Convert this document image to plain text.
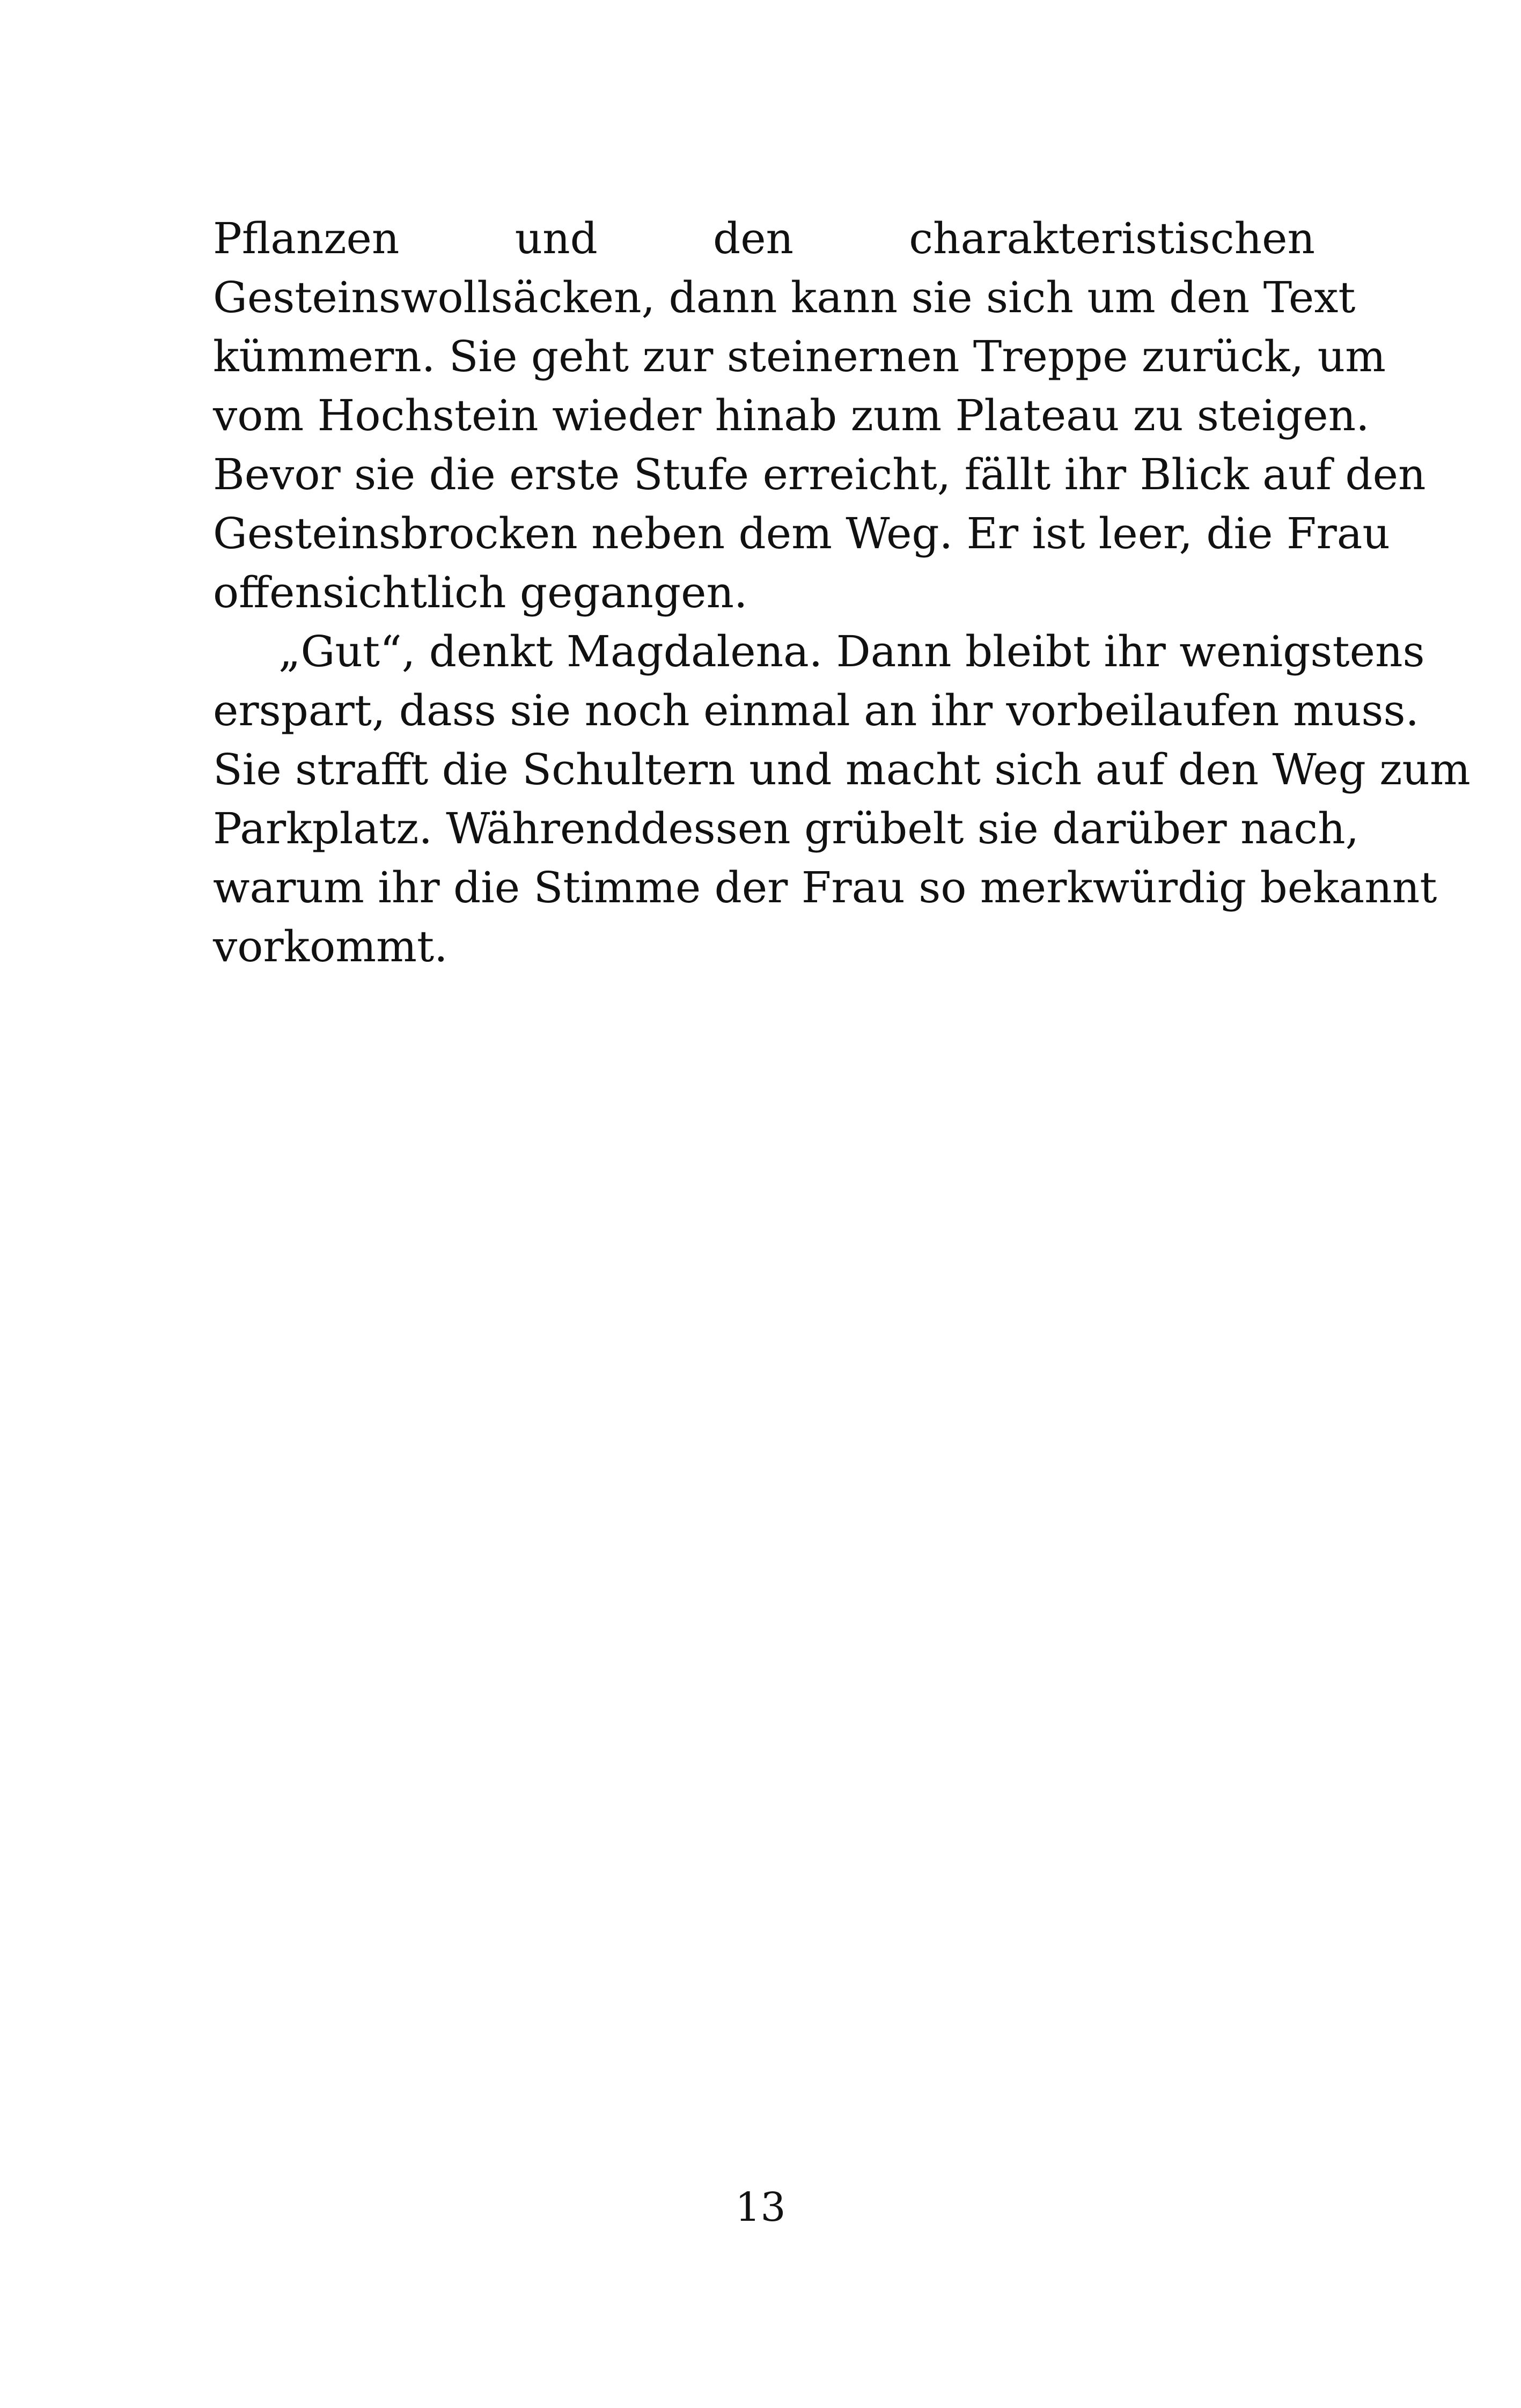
Pflanzen und den charakteristischen
Gesteinswollsäcken, dann kann sie sich um den Text
kümmern. Sie geht zur steinernen Treppe zurück, um
vom Hochstein wieder hinab zum Plateau zu steigen.
Bevor sie die erste Stufe erreicht, fällt ihr Blick auf den
Gesteinsbrocken neben dem Weg. Er ist leer, die Frau
offensichtlich gegangen.
„Gut“, denkt Magdalena. Dann bleibt ihr wenigstens
erspart, dass sie noch einmal an ihr vorbeilaufen muss.
Sie strafft die Schultern und macht sich auf den Weg zum
Parkplatz. Währenddessen grübelt sie darüber nach,
warum ihr die Stimme der Frau so merkwürdig bekannt
vorkommt.
13
